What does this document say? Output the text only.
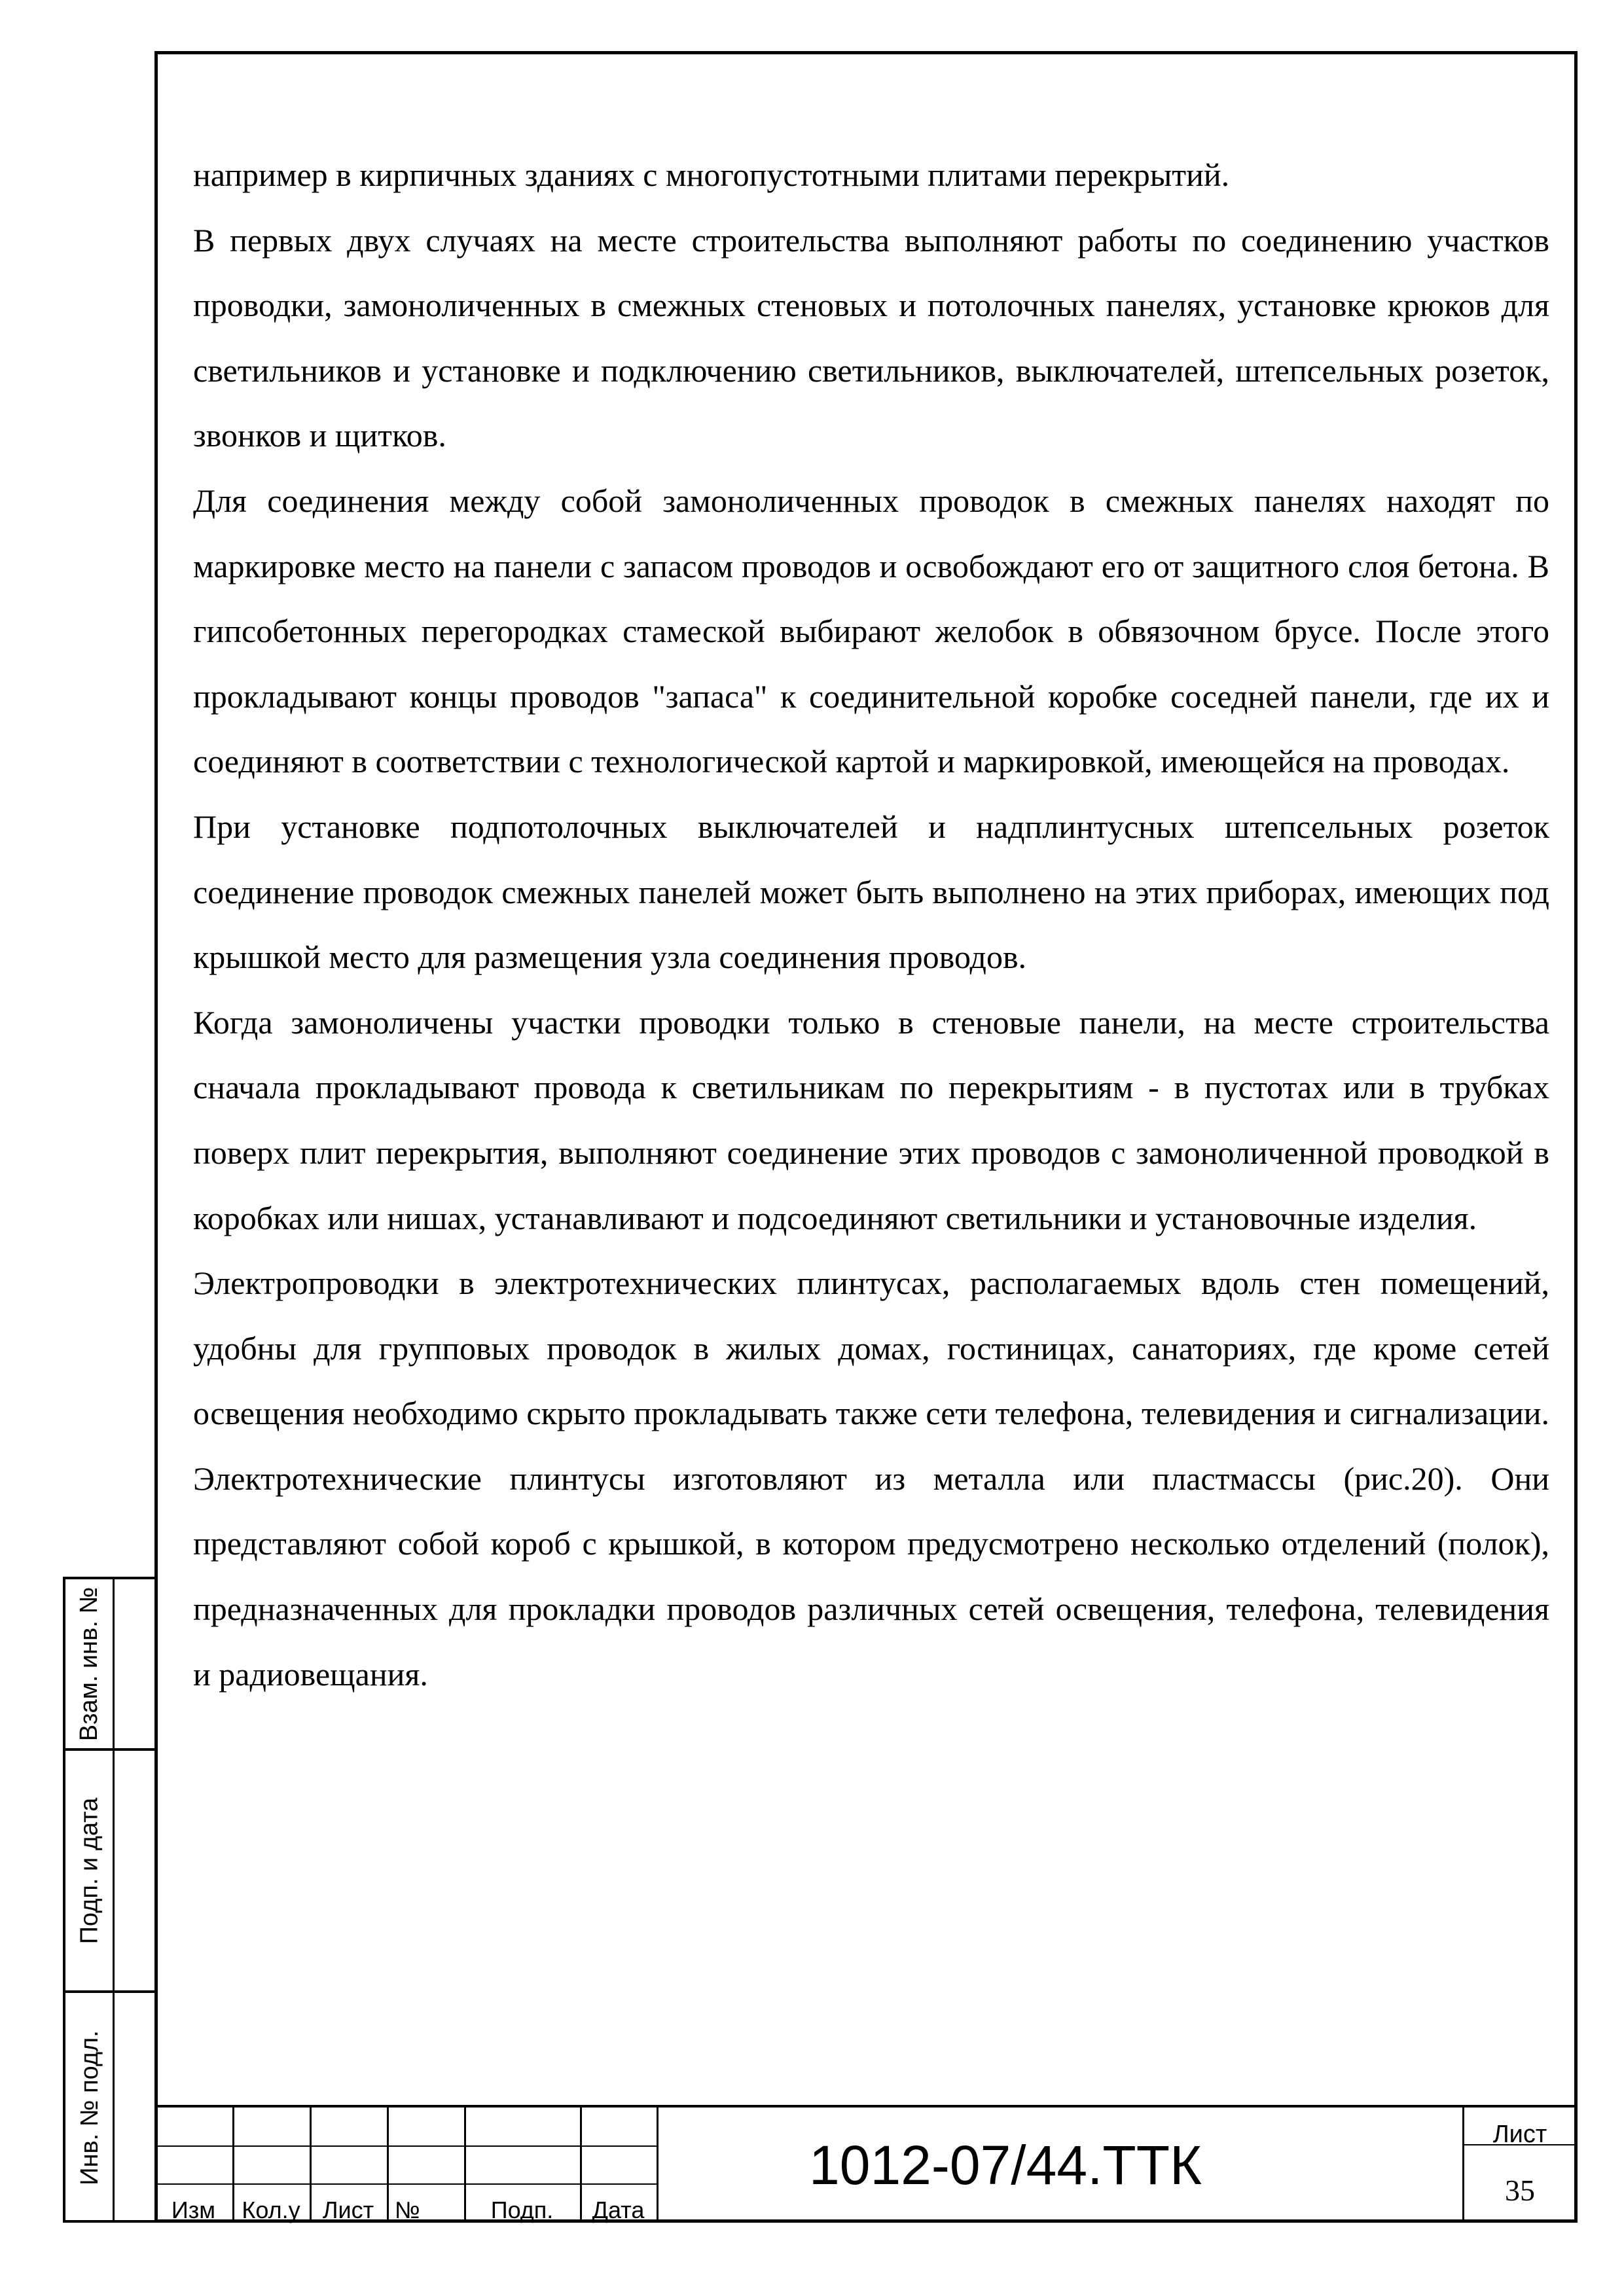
например в кирпичных зданиях с многопустотными плитами перекрытий.

В первых двух случаях на месте строительства выполняют работы по соединению участков проводки, замоноличенных в смежных стеновых и потолочных панелях, установке крюков для светильников и установке и подключению светильников, выключателей, штепсельных розеток, звонков и щитков.

Для соединения между собой замоноличенных проводок в смежных панелях находят по маркировке место на панели с запасом проводов и освобождают его от защитного слоя бетона. В гипсобетонных перегородках стамеской выбирают желобок в обвязочном брусе. После этого прокладывают концы проводов "запаса" к соединительной коробке соседней панели, где их и соединяют в соответствии с технологической картой и маркировкой, имеющейся на проводах.

При установке подпотолочных выключателей и надплинтусных штепсельных розеток соединение проводок смежных панелей может быть выполнено на этих приборах, имеющих под крышкой место для размещения узла соединения проводов.

Когда замоноличены участки проводки только в стеновые панели, на месте строительства сначала прокладывают провода к светильникам по перекрытиям - в пустотах или в трубках поверх плит перекрытия, выполняют соединение этих проводов с замоноличенной проводкой в коробках или нишах, устанавливают и подсоединяют светильники и установочные изделия.

Электропроводки в электротехнических плинтусах, располагаемых вдоль стен помещений, удобны для групповых проводок в жилых домах, гостиницах, санаториях, где кроме сетей освещения необходимо скрыто прокладывать также сети телефона, телевидения и сигнализации. Электротехнические плинтусы изготовляют из металла или пластмассы (рис.20). Они представляют собой короб с крышкой, в котором предусмотрено несколько отделений (полок), предназначенных для прокладки проводов различных сетей освещения, телефона, телевидения и радиовещания.

Взам. инв. №
Подп. и дата
Инв. № подл.
Изм	Кол.у Лист №	Подп.	Дата
1012-07/44.ТТК	Лист
35
